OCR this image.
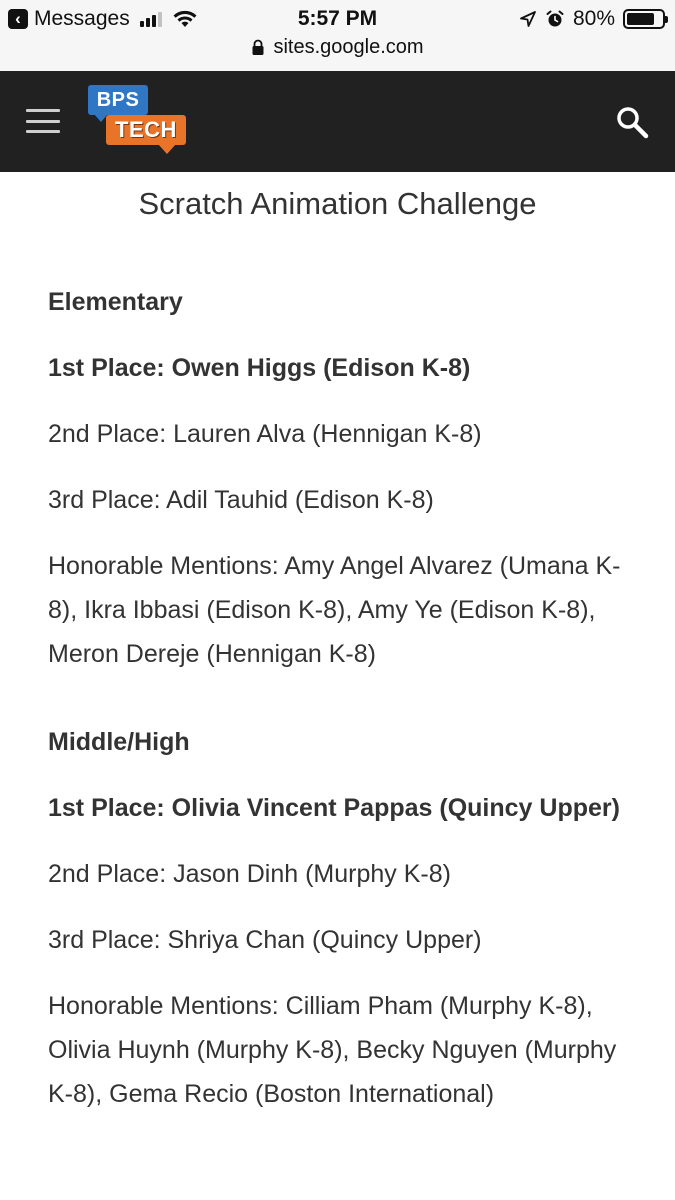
‹ Messages	5:57 PM	80%
sites.google.com
BPS
TECH
Scratch Animation Challenge

Elementary

1st Place: Owen Higgs (Edison K-8)

2nd Place: Lauren Alva (Hennigan K-8)

3rd Place: Adil Tauhid (Edison K-8)

Honorable Mentions: Amy Angel Alvarez (Umana K-8), Ikra Ibbasi (Edison K-8), Amy Ye (Edison K-8), Meron Dereje (Hennigan K-8)

Middle/High

1st Place: Olivia Vincent Pappas (Quincy Upper)

2nd Place: Jason Dinh (Murphy K-8)

3rd Place: Shriya Chan (Quincy Upper)

Honorable Mentions: Cilliam Pham (Murphy K-8), Olivia Huynh (Murphy K-8), Becky Nguyen (Murphy K-8), Gema Recio (Boston International)
